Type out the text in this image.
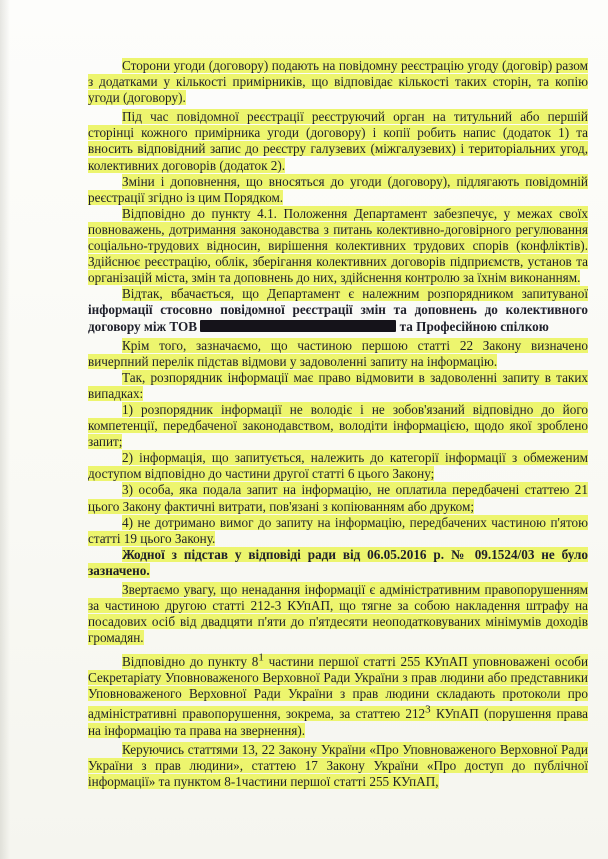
Сторони угоди (договору) подають на повідомну реєстрацію угоду (договір) разом з додатками у кількості примірників, що відповідає кількості таких сторін, та копію угоди (договору).

Під час повідомної реєстрації реєструючий орган на титульний або першій сторінці кожного примірника угоди (договору) і копії робить напис (додаток 1) та вносить відповідний запис до реєстру галузевих (міжгалузевих) і територіальних угод, колективних договорів (додаток 2).

Зміни і доповнення, що вносяться до угоди (договору), підлягають повідомній реєстрації згідно із цим Порядком.

Відповідно до пункту 4.1. Положення Департамент забезпечує, у межах своїх повноважень, дотримання законодавства з питань колективно-договірного регулювання соціально-трудових відносин, вирішення колективних трудових спорів (конфліктів). Здійснює реєстрацію, облік, зберігання колективних договорів підприємств, установ та організацій міста, змін та доповнень до них, здійснення контролю за їхнім виконанням.

Відтак, вбачається, що Департамент є належним розпорядником запитуваної інформації стосовно повідомної реєстрації змін та доповнень до колективного договору між ТОВ	та Професійною спілкою

Крім того, зазначаємо, що частиною першою статті 22 Закону визначено вичерпний перелік підстав відмови у задоволенні запиту на інформацію.

Так, розпорядник інформації має право відмовити в задоволенні запиту в таких випадках:

1) розпорядник інформації не володіє і не зобов'язаний відповідно до його компетенції, передбаченої законодавством, володіти інформацією, щодо якої зроблено запит;

2) інформація, що запитується, належить до категорії інформації з обмеженим доступом відповідно до частини другої статті 6 цього Закону;

3) особа, яка подала запит на інформацію, не оплатила передбачені статтею 21 цього Закону фактичні витрати, пов'язані з копіюванням або друком;

4) не дотримано вимог до запиту на інформацію, передбачених частиною п'ятою статті 19 цього Закону.

Жодної з підстав у відповіді ради від 06.05.2016 р. № 09.1524/03 не було зазначено.

Звертаємо увагу, що ненадання інформації є адміністративним правопорушенням за частиною другою статті 212-3 КУпАП, що тягне за собою накладення штрафу на посадових осіб від двадцяти п'яти до п'ятдесяти неоподатковуваних мінімумів доходів громадян.

Відповідно до пункту $8^1$ частини першої статті 255 КУпАП уповноважені особи Секретаріату Уповноваженого Верховної Ради України з прав людини або представники Уповноваженого Верховної Ради України з прав людини складають протоколи про адміністративні правопорушення, зокрема, за статтею $212^3$ КУпАП (порушення права на інформацію та права на звернення).

Керуючись статтями 13, 22 Закону України «Про Уповноваженого Верховної Ради України з прав людини», статтею 17 Закону України «Про доступ до публічної інформації» та пунктом 8-1частини першої статті 255 КУпАП,
